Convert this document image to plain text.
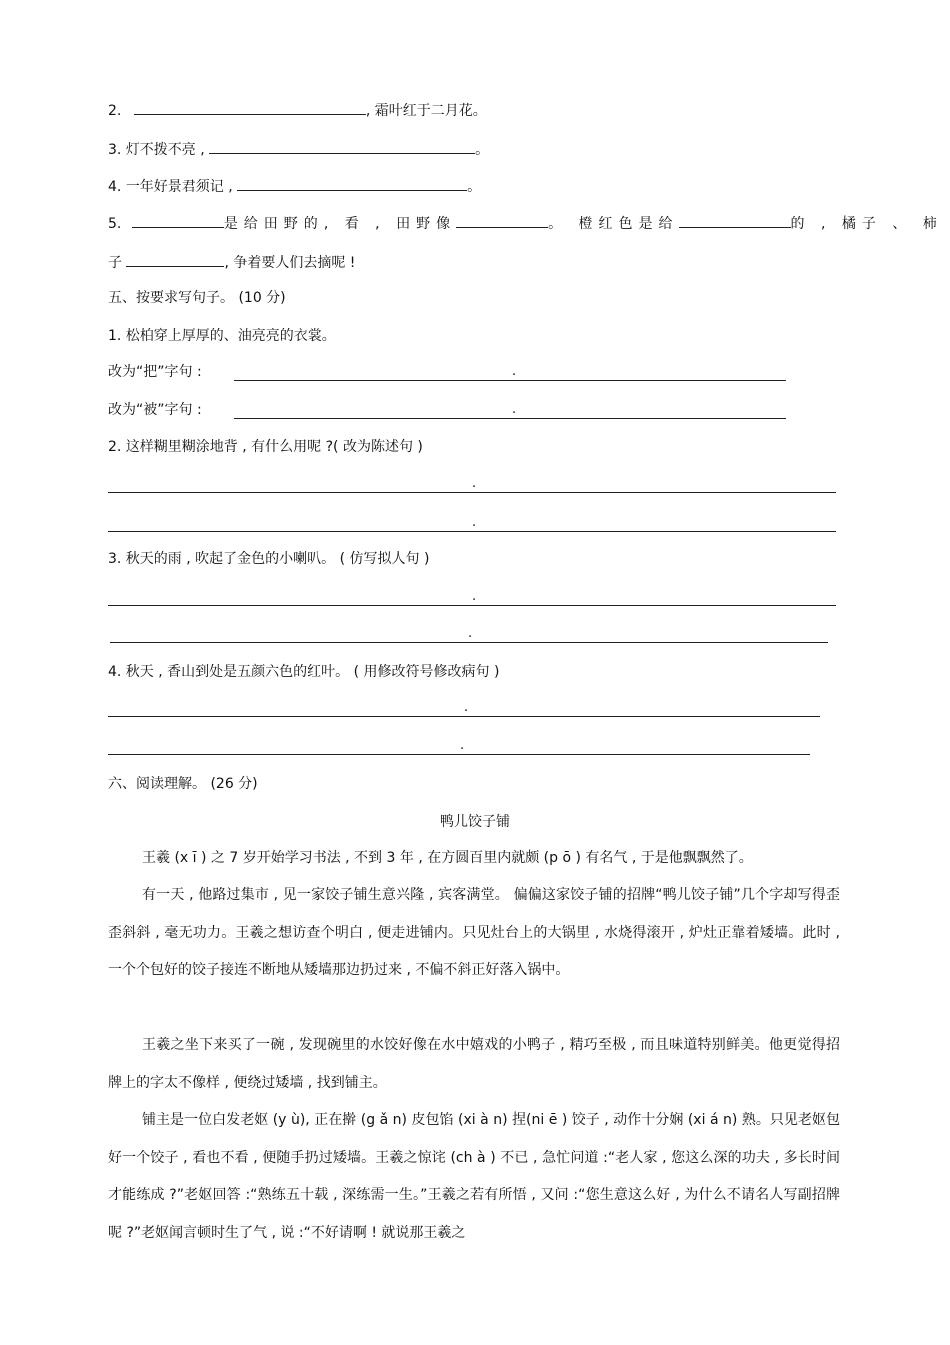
2.	, 霜叶红于二月花。
3. 灯不拨不亮 ,	。
4. 一年好景君须记 ,	。
5.	是给田野的, 看 , 田野像	。 橙红色是给	的 , 橘子 、 柿
子	, 争着要人们去摘呢 !
五、按要求写句子。 (10 分)
1. 松柏穿上厚厚的、油亮亮的衣裳。
改为“把”字句 :	.
改为“被”字句 :	.
2. 这样糊里糊涂地背 , 有什么用呢 ?( 改为陈述句 )
.
.
3. 秋天的雨 , 吹起了金色的小喇叭。 ( 仿写拟人句 )
.
.
4. 秋天 , 香山到处是五颜六色的红叶。 ( 用修改符号修改病句 )
.
.
六、阅读理解。 (26 分)
鸭儿饺子铺
王羲 (x ī ) 之 7 岁开始学习书法 , 不到 3 年 , 在方圆百里内就颇 (p ō ) 有名气 , 于是他飘飘然了。
有一天 , 他路过集市 , 见一家饺子铺生意兴隆 , 宾客满堂。 偏偏这家饺子铺的招牌“鸭儿饺子铺”几个字却写得歪歪斜斜 , 毫无功力。王羲之想访查个明白 , 便走进铺内。只见灶台上的大锅里 , 水烧得滚开 , 炉灶正靠着矮墙。此时 , 一个个包好的饺子接连不断地从矮墙那边扔过来 , 不偏不斜正好落入锅中。
王羲之坐下来买了一碗 , 发现碗里的水饺好像在水中嬉戏的小鸭子 , 精巧至极 , 而且味道特别鲜美。他更觉得招牌上的字太不像样 , 便绕过矮墙 , 找到铺主。
铺主是一位白发老妪 (y ù), 正在擀 (g ǎ n) 皮包馅 (xi à n) 捏(ni ē ) 饺子 , 动作十分娴 (xi á n) 熟。只见老妪包好一个饺子 , 看也不看 , 便随手扔过矮墙。王羲之惊诧 (ch à ) 不已 , 急忙问道 :“老人家 , 您这么深的功夫 , 多长时间才能练成 ?”老妪回答 :“熟练五十载 , 深练需一生。”王羲之若有所悟 , 又问 :“您生意这么好 , 为什么不请名人写副招牌呢 ?”老妪闻言顿时生了气 , 说 :“不好请啊 ! 就说那王羲之
